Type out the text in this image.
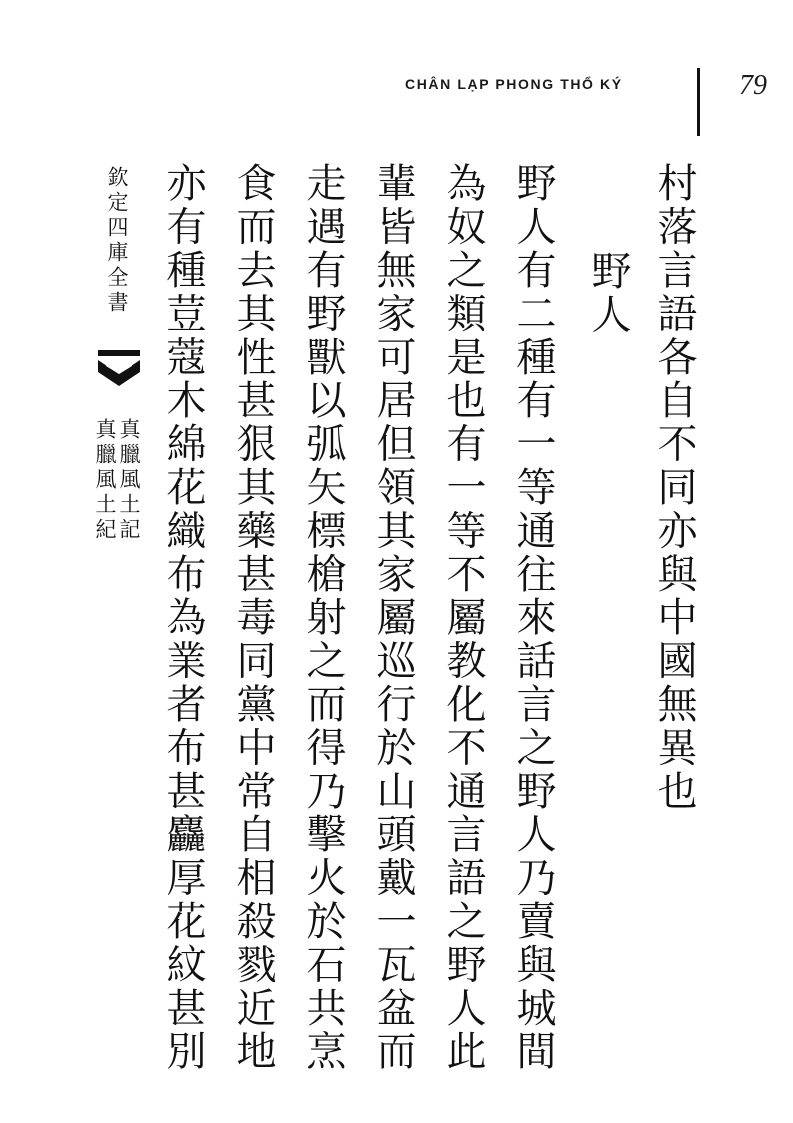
CHÂN LẠP PHONG THỔ KÝ	79
村落言語各自不同亦與中國無異也
野人
野人有二種有一等通往來話言之野人乃賣與城間
為奴之類是也有一等不屬教化不通言語之野人此
輩皆無家可居但領其家屬巡行於山頭戴一瓦盆而
走遇有野獸以弧矢標槍射之而得乃擊火於石共烹
食而去其性甚狠其藥甚毒同黨中常自相殺戮近地
亦有種荳蔻木綿花織布為業者布甚麤厚花紋甚別
欽定四庫全書
真臘風土記
真臘風土紀
